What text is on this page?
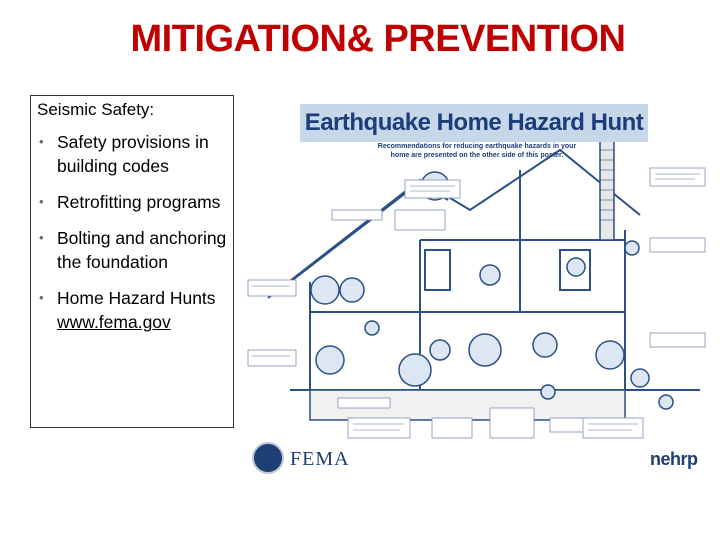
MITIGATION& PREVENTION
Seismic Safety:
• Safety provisions in building codes
• Retrofitting programs
• Bolting and anchoring the foundation
• Home Hazard Hunts
www.fema.gov
Earthquake Home Hazard Hunt
Recommendations for reducing earthquake hazards in your home are presented on the other side of this poster.
FEMA	nehrp
